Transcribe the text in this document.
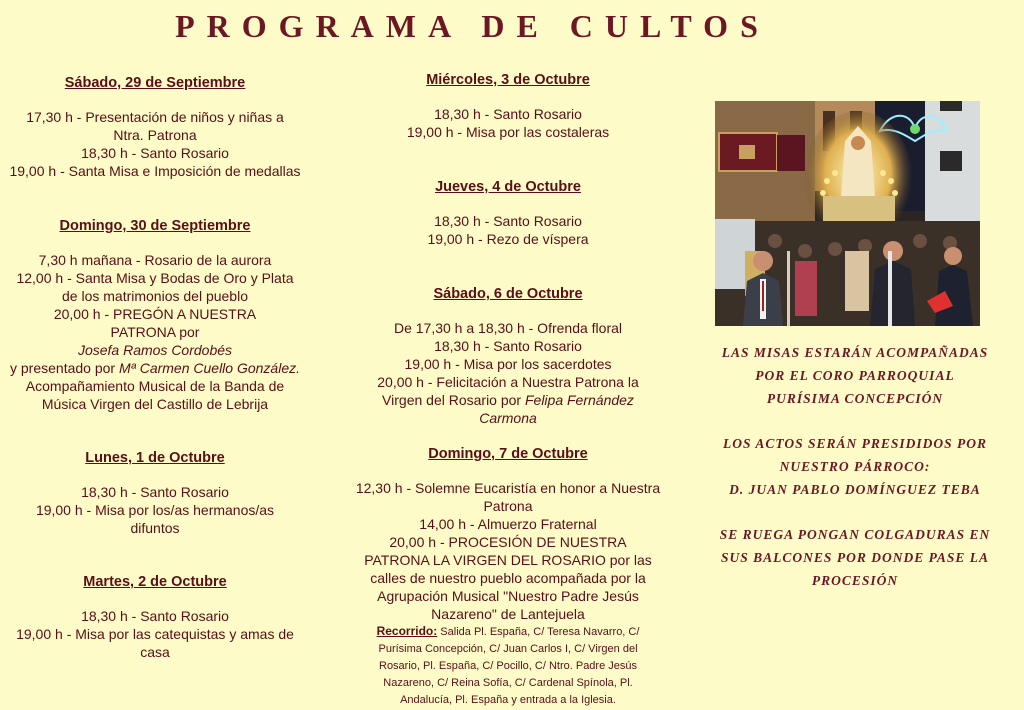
PROGRAMA DE CULTOS
Sábado, 29 de Septiembre
17,30 h - Presentación de niños y niñas a
Ntra. Patrona
18,30 h - Santo Rosario
19,00 h - Santa Misa e Imposición de medallas
Domingo, 30 de Septiembre
7,30 h mañana - Rosario de la aurora
12,00 h - Santa Misa y Bodas de Oro y Plata
de los matrimonios del pueblo
20,00 h - PREGÓN A NUESTRA
PATRONA por
Josefa Ramos Cordobés
y presentado por Mª Carmen Cuello González.
Acompañamiento Musical de la Banda de
Música Virgen del Castillo de Lebrija
Lunes, 1 de Octubre
18,30 h - Santo Rosario
19,00 h - Misa por los/as hermanos/as
difuntos
Martes, 2 de Octubre
18,30 h - Santo Rosario
19,00 h - Misa por las catequistas y amas de
casa
Miércoles, 3 de Octubre
18,30 h - Santo Rosario
19,00 h - Misa por las costaleras
Jueves, 4 de Octubre
18,30 h - Santo Rosario
19,00 h - Rezo de víspera
Sábado, 6 de Octubre
De 17,30 h a 18,30 h - Ofrenda floral
18,30 h - Santo Rosario
19,00 h - Misa por los sacerdotes
20,00 h - Felicitación a Nuestra Patrona la
Virgen del Rosario por Felipa Fernández Carmona
Domingo, 7 de Octubre
12,30 h - Solemne Eucaristía en honor a Nuestra
Patrona
14,00 h - Almuerzo Fraternal
20,00 h - PROCESIÓN DE NUESTRA
PATRONA LA VIRGEN DEL ROSARIO por las
calles de nuestro pueblo acompañada por la
Agrupación Musical "Nuestro Padre Jesús
Nazareno" de Lantejuela
Recorrido: Salida Pl. España, C/ Teresa Navarro, C/
Purísima Concepción, C/ Juan Carlos I, C/ Virgen del
Rosario, Pl. España, C/ Pocillo, C/ Ntro. Padre Jesús
Nazareno, C/ Reina Sofía, C/ Cardenal Spínola, Pl.
Andalucía, Pl. España y entrada a la Iglesia.
LAS MISAS ESTARÁN ACOMPAÑADAS
POR EL CORO PARROQUIAL
PURÍSIMA CONCEPCIÓN
LOS ACTOS SERÁN PRESIDIDOS POR
NUESTRO PÁRROCO:
D. JUAN PABLO DOMÍNGUEZ TEBA
SE RUEGA PONGAN COLGADURAS EN
SUS BALCONES POR DONDE PASE LA
PROCESIÓN
